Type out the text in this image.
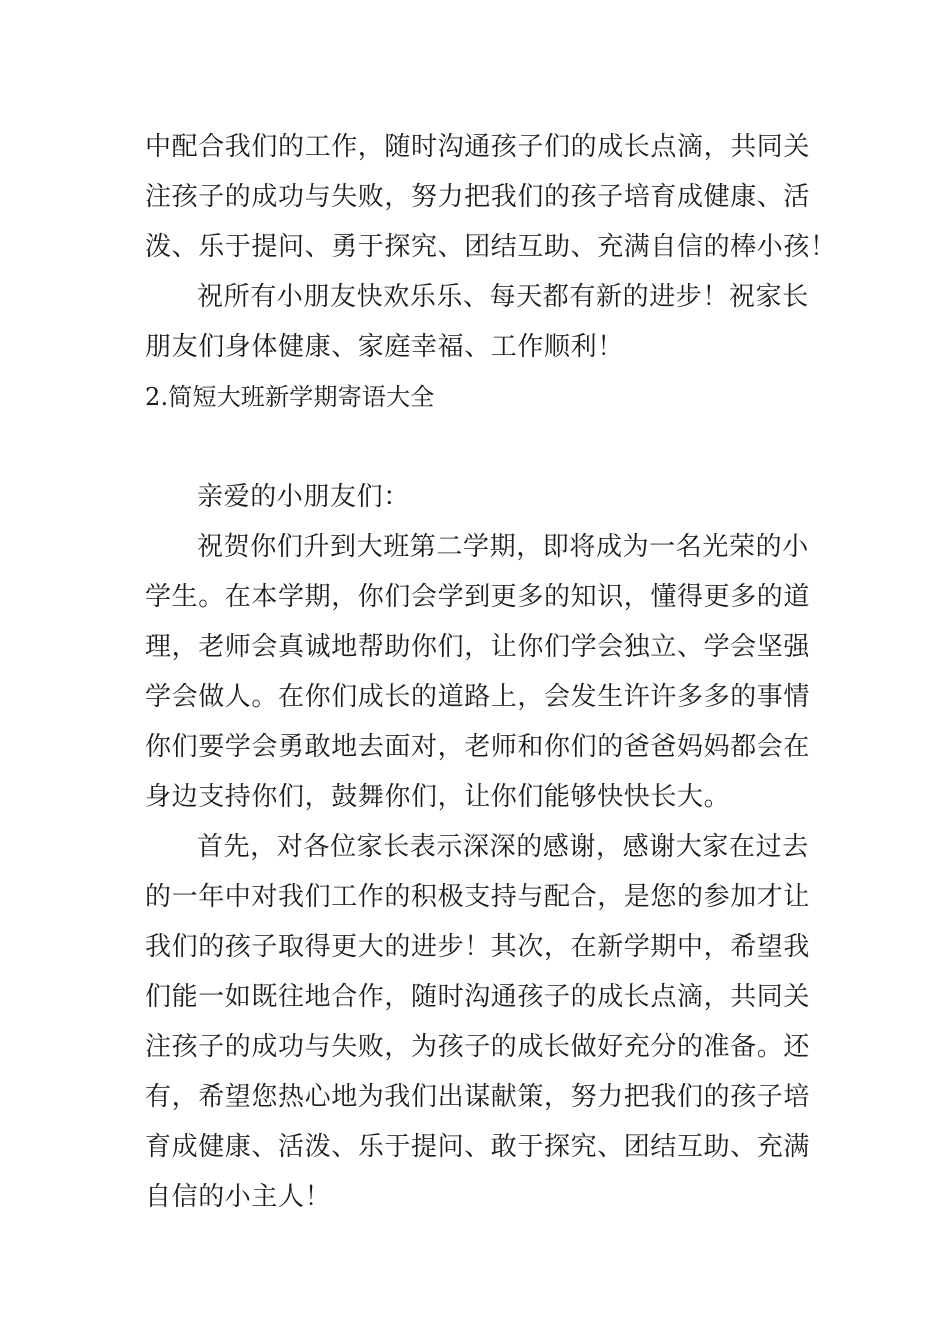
中配合我们的工作，随时沟通孩子们的成长点滴，共同关
注孩子的成功与失败，努力把我们的孩子培育成健康、活
泼、乐于提问、勇于探究、团结互助、充满自信的棒小孩！
祝所有小朋友快欢乐乐、每天都有新的进步！祝家长
朋友们身体健康、家庭幸福、工作顺利！
2.简短大班新学期寄语大全
亲爱的小朋友们：
祝贺你们升到大班第二学期，即将成为一名光荣的小
学生。在本学期，你们会学到更多的知识，懂得更多的道
理，老师会真诚地帮助你们，让你们学会独立、学会坚强
学会做人。在你们成长的道路上，会发生许许多多的事情
你们要学会勇敢地去面对，老师和你们的爸爸妈妈都会在
身边支持你们，鼓舞你们，让你们能够快快长大。
首先，对各位家长表示深深的感谢，感谢大家在过去
的一年中对我们工作的积极支持与配合，是您的参加才让
我们的孩子取得更大的进步！其次，在新学期中，希望我
们能一如既往地合作，随时沟通孩子的成长点滴，共同关
注孩子的成功与失败，为孩子的成长做好充分的准备。还
有，希望您热心地为我们出谋献策，努力把我们的孩子培
育成健康、活泼、乐于提问、敢于探究、团结互助、充满
自信的小主人！
